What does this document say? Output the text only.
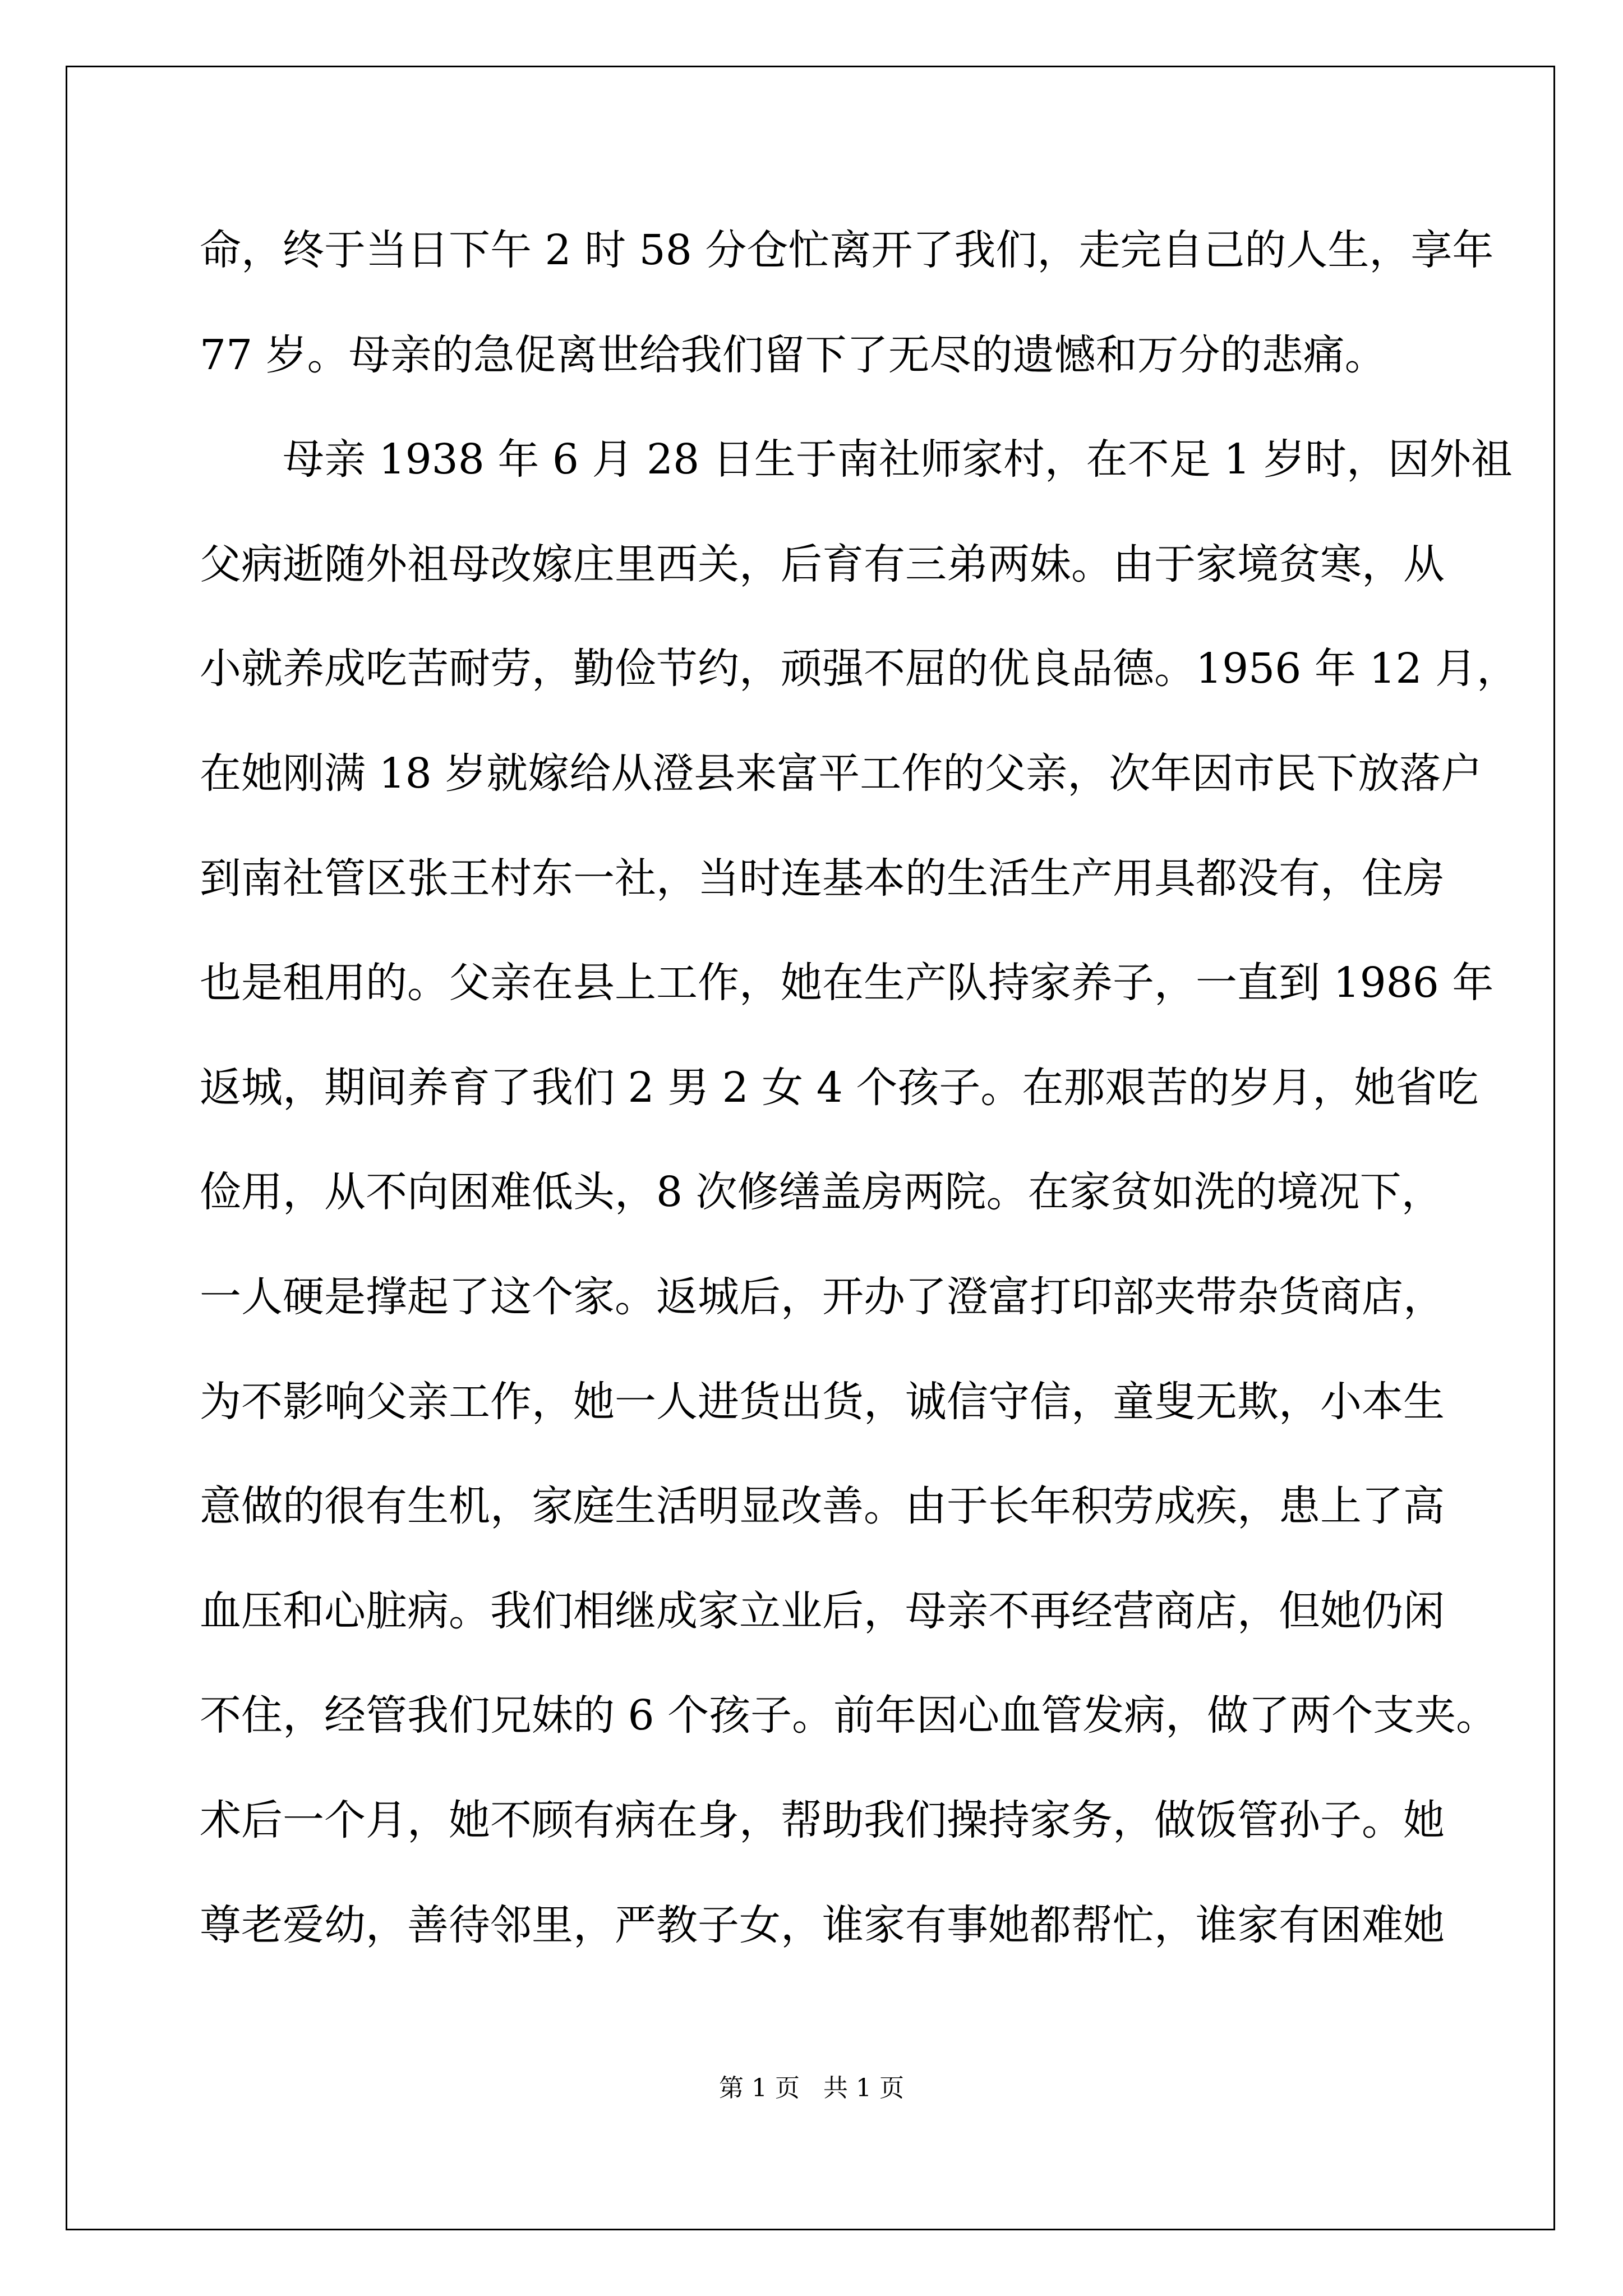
命，终于当日下午 2 时 58 分仓忙离开了我们，走完自己的人生，享年
77 岁。母亲的急促离世给我们留下了无尽的遗憾和万分的悲痛。
母亲 1938 年 6 月 28 日生于南社师家村，在不足 1 岁时，因外祖
父病逝随外祖母改嫁庄里西关，后育有三弟两妹。由于家境贫寒，从
小就养成吃苦耐劳，勤俭节约，顽强不屈的优良品德。1956 年 12 月，
在她刚满 18 岁就嫁给从澄县来富平工作的父亲，次年因市民下放落户
到南社管区张王村东一社，当时连基本的生活生产用具都没有，住房
也是租用的。父亲在县上工作，她在生产队持家养子，一直到 1986 年
返城，期间养育了我们 2 男 2 女 4 个孩子。在那艰苦的岁月，她省吃
俭用，从不向困难低头，8 次修缮盖房两院。在家贫如洗的境况下，
一人硬是撑起了这个家。返城后，开办了澄富打印部夹带杂货商店，
为不影响父亲工作，她一人进货出货，诚信守信，童叟无欺，小本生
意做的很有生机，家庭生活明显改善。由于长年积劳成疾，患上了高
血压和心脏病。我们相继成家立业后，母亲不再经营商店，但她仍闲
不住，经管我们兄妹的 6 个孩子。前年因心血管发病，做了两个支夹。
术后一个月，她不顾有病在身，帮助我们操持家务，做饭管孙子。她
尊老爱幼，善待邻里，严教子女，谁家有事她都帮忙，谁家有困难她
第 1 页   共 1 页
